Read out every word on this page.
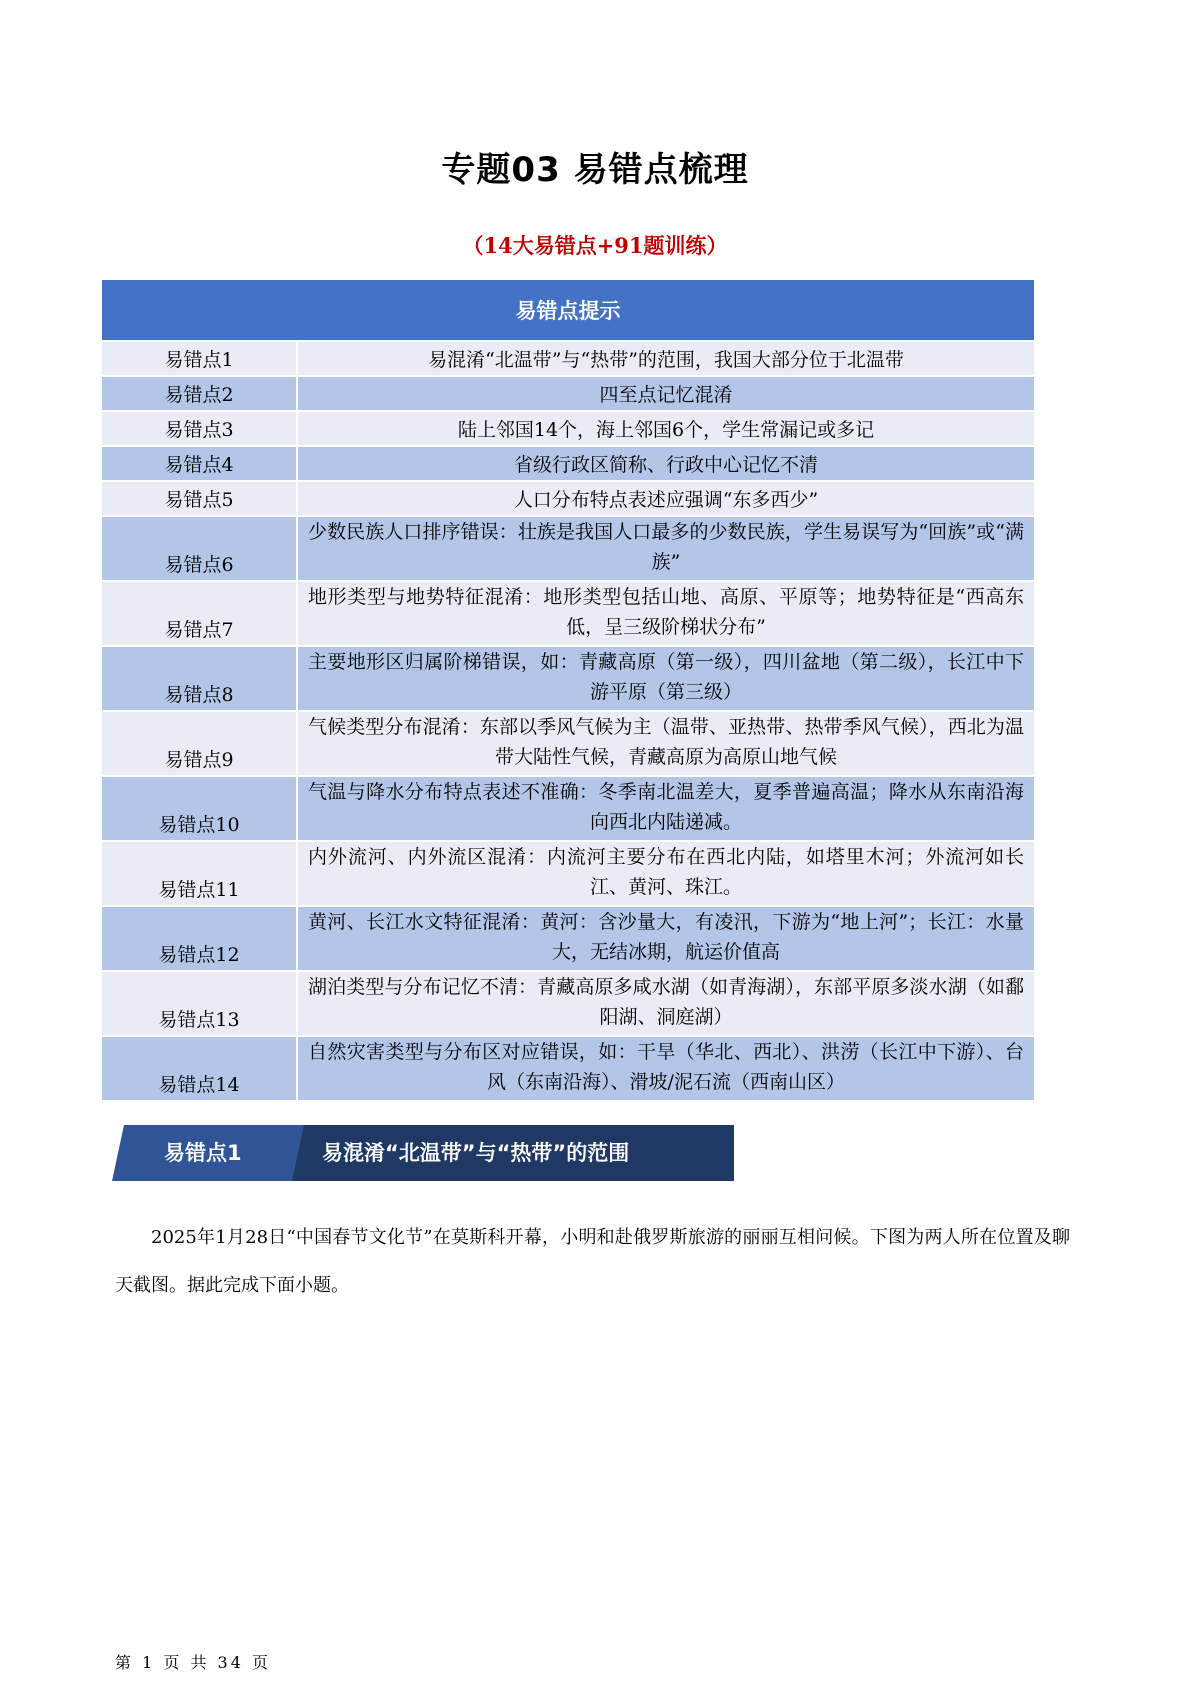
专题03 易错点梳理
（14大易错点+91题训练）
易错点提示	
易错点1	易混淆“北温带”与“热带”的范围，我国大部分位于北温带
易错点2	四至点记忆混淆
易错点3	陆上邻国14个，海上邻国6个，学生常漏记或多记
易错点4	省级行政区简称、行政中心记忆不清
易错点5	人口分布特点表述应强调“东多西少”
易错点6	少数民族人口排序错误：壮族是我国人口最多的少数民族，学生易误写为“回族”或“满族”
易错点7	地形类型与地势特征混淆：地形类型包括山地、高原、平原等；地势特征是“西高东低，呈三级阶梯状分布”
易错点8	主要地形区归属阶梯错误，如：青藏高原（第一级），四川盆地（第二级），长江中下游平原（第三级）
易错点9	气候类型分布混淆：东部以季风气候为主（温带、亚热带、热带季风气候），西北为温带大陆性气候，青藏高原为高原山地气候
易错点10	气温与降水分布特点表述不准确：冬季南北温差大，夏季普遍高温；降水从东南沿海向西北内陆递减。
易错点11	内外流河、内外流区混淆：内流河主要分布在西北内陆，如塔里木河；外流河如长江、黄河、珠江。
易错点12	黄河、长江水文特征混淆：黄河：含沙量大，有凌汛，下游为“地上河”；长江：水量大，无结冰期，航运价值高
易错点13	湖泊类型与分布记忆不清：青藏高原多咸水湖（如青海湖），东部平原多淡水湖（如鄱阳湖、洞庭湖）
易错点14	自然灾害类型与分布区对应错误，如：干旱（华北、西北）、洪涝（长江中下游）、台风（东南沿海）、滑坡/泥石流（西南山区）
易错点1	易混淆“北温带”与“热带”的范围

2025年1月28日“中国春节文化节”在莫斯科开幕，小明和赴俄罗斯旅游的丽丽互相问候。下图为两人所在位置及聊天截图。据此完成下面小题。

第 1 页 共 34 页
